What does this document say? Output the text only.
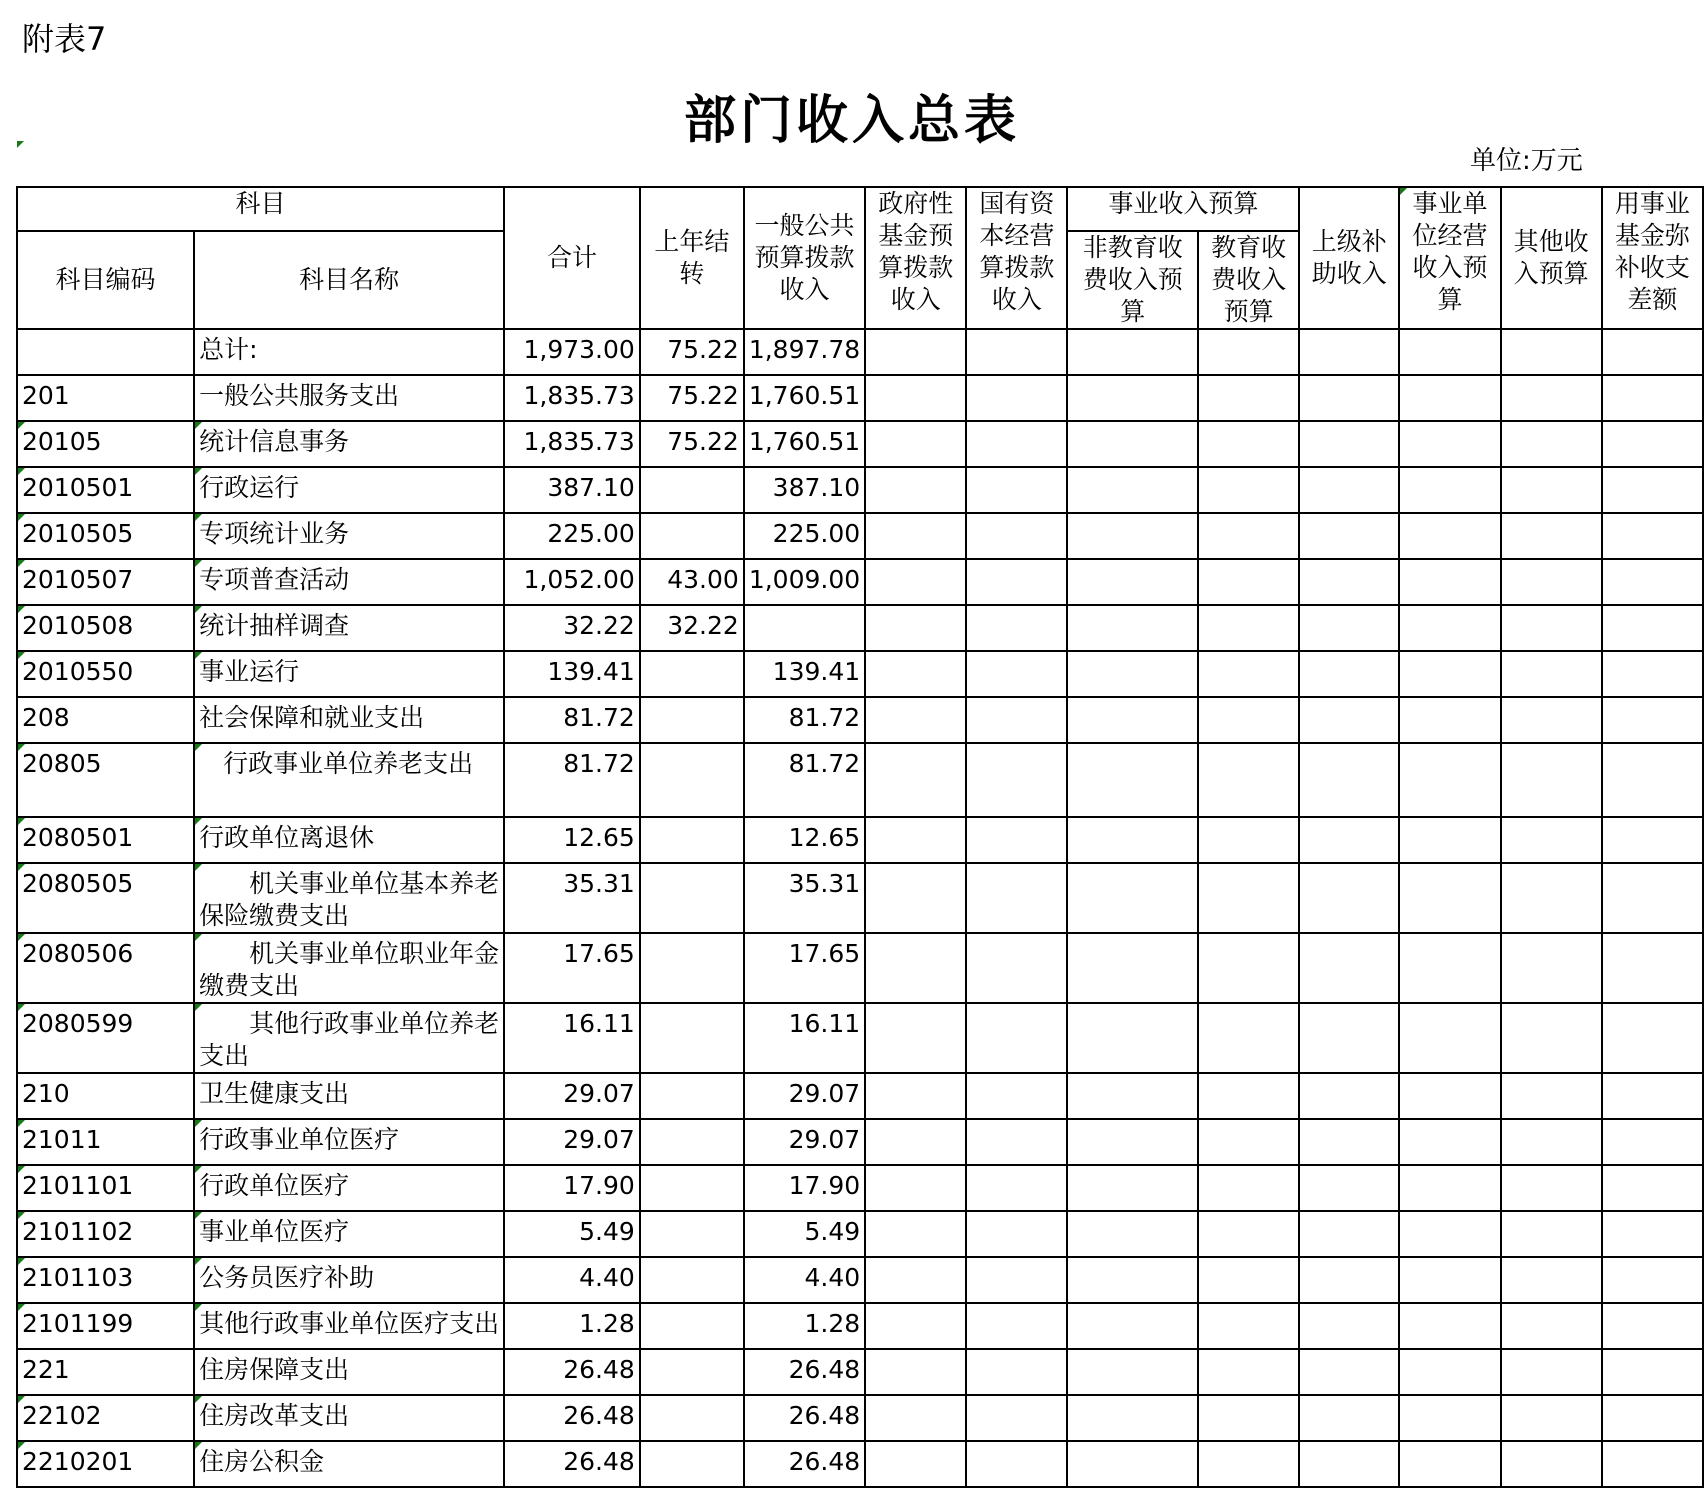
附表7
部门收入总表
单位:万元
科目		合计	上年结转	一般公共预算拨款收入	政府性基金预算拨款收入	国有资本经营算拨款收入	事业收入预算		上级补助收入	事业单位经营收入预算	其他收入预算	用事业基金弥补收支差额
科目编码	科目名称						非教育收费收入预算	教育收费收入预算				
	总计:	1,973.00	75.22	1,897.78								
201	一般公共服务支出	1,835.73	75.22	1,760.51								

20105	统计信息事务	1,835.73	75.22	1,760.51								

2010501	行政运行	387.10		387.10								

2010505	专项统计业务	225.00		225.00								

2010507	专项普查活动	1,052.00	43.00	1,009.00								

2010508	统计抽样调查	32.22	32.22									

2010550	事业运行	139.41		139.41								
208	社会保障和就业支出	81.72		81.72								

20805	行政事业单位养老支出	81.72		81.72								

2080501	行政单位离退休	12.65		12.65								

2080505	机关事业单位基本养老保险缴费支出	35.31		35.31								

2080506	机关事业单位职业年金缴费支出	17.65		17.65								

2080599	其他行政事业单位养老支出	16.11		16.11								
210	卫生健康支出	29.07		29.07								

21011	行政事业单位医疗	29.07		29.07								

2101101	行政单位医疗	17.90		17.90								

2101102	事业单位医疗	5.49		5.49								

2101103	公务员医疗补助	4.40		4.40								

2101199	其他行政事业单位医疗支出	1.28		1.28								
221	住房保障支出	26.48		26.48								

22102	住房改革支出	26.48		26.48								

2210201	住房公积金	26.48		26.48								
